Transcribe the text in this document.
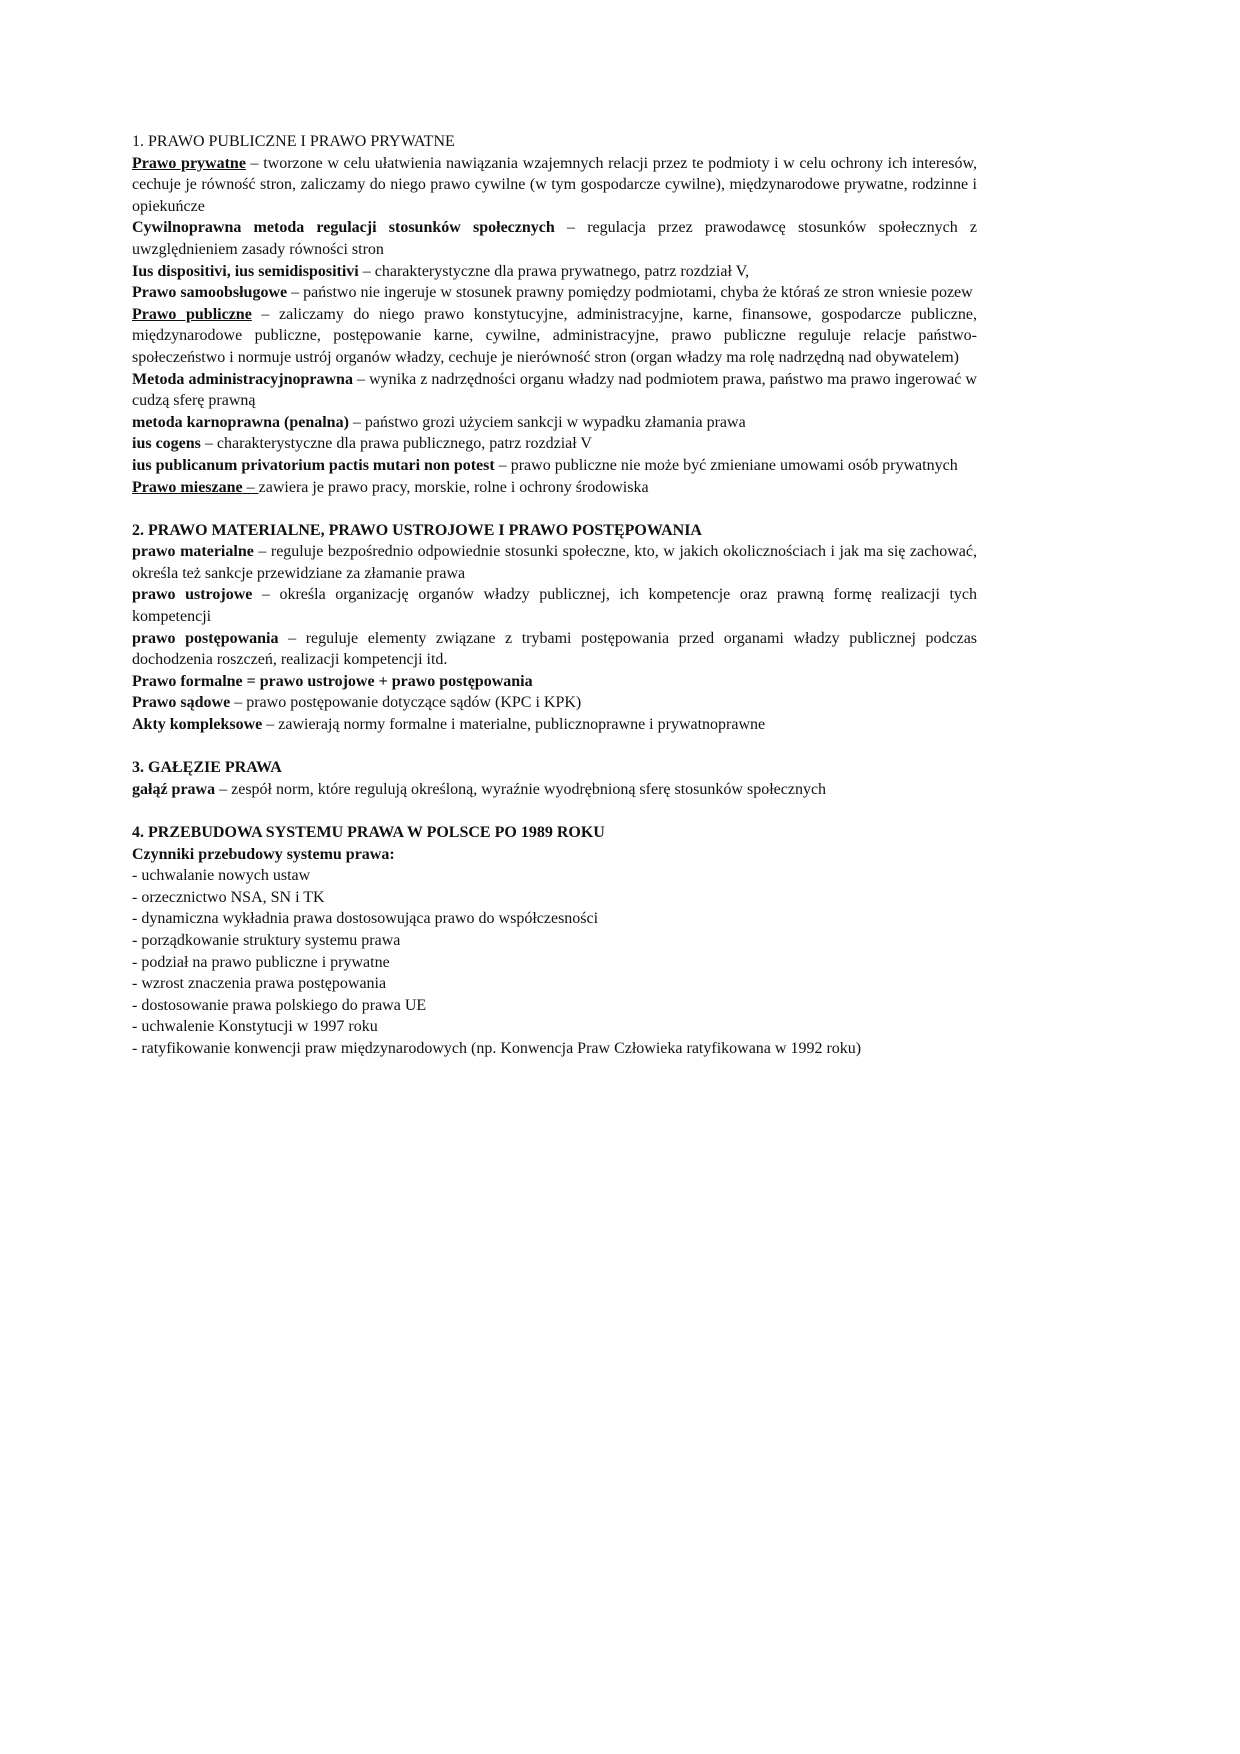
1. PRAWO PUBLICZNE I PRAWO PRYWATNE

Prawo prywatne – tworzone w celu ułatwienia nawiązania wzajemnych relacji przez te podmioty i w celu ochrony ich interesów, cechuje je równość stron, zaliczamy do niego prawo cywilne (w tym gospodarcze cywilne), międzynarodowe prywatne, rodzinne i opiekuńcze

Cywilnoprawna metoda regulacji stosunków społecznych – regulacja przez prawodawcę stosunków społecznych z uwzględnieniem zasady równości stron

Ius dispositivi, ius semidispositivi – charakterystyczne dla prawa prywatnego, patrz rozdział V,

Prawo samoobsługowe – państwo nie ingeruje w stosunek prawny pomiędzy podmiotami, chyba że któraś ze stron wniesie pozew

Prawo publiczne – zaliczamy do niego prawo konstytucyjne, administracyjne, karne, finansowe, gospodarcze publiczne, międzynarodowe publiczne, postępowanie karne, cywilne, administracyjne, prawo publiczne reguluje relacje państwo-społeczeństwo i normuje ustrój organów władzy, cechuje je nierówność stron (organ władzy ma rolę nadrzędną nad obywatelem)

Metoda administracyjnoprawna – wynika z nadrzędności organu władzy nad podmiotem prawa, państwo ma prawo ingerować w cudzą sferę prawną

metoda karnoprawna (penalna) – państwo grozi użyciem sankcji w wypadku złamania prawa

ius cogens – charakterystyczne dla prawa publicznego, patrz rozdział V

ius publicanum privatorium pactis mutari non potest – prawo publiczne nie może być zmieniane umowami osób prywatnych

Prawo mieszane – zawiera je prawo pracy, morskie, rolne i ochrony środowiska

2. PRAWO MATERIALNE, PRAWO USTROJOWE I PRAWO POSTĘPOWANIA

prawo materialne – reguluje bezpośrednio odpowiednie stosunki społeczne, kto, w jakich okolicznościach i jak ma się zachować, określa też sankcje przewidziane za złamanie prawa

prawo ustrojowe – określa organizację organów władzy publicznej, ich kompetencje oraz prawną formę realizacji tych kompetencji

prawo postępowania – reguluje elementy związane z trybami postępowania przed organami władzy publicznej podczas dochodzenia roszczeń, realizacji kompetencji itd.

Prawo formalne = prawo ustrojowe + prawo postępowania

Prawo sądowe – prawo postępowanie dotyczące sądów (KPC i KPK)

Akty kompleksowe – zawierają normy formalne i materialne, publicznoprawne i prywatnoprawne

3. GAŁĘZIE PRAWA

gałąź prawa – zespół norm, które regulują określoną, wyraźnie wyodrębnioną sferę stosunków społecznych

4. PRZEBUDOWA SYSTEMU PRAWA W POLSCE PO 1989 ROKU

Czynniki przebudowy systemu prawa:

- uchwalanie nowych ustaw
- orzecznictwo NSA, SN i TK
- dynamiczna wykładnia prawa dostosowująca prawo do współczesności
- porządkowanie struktury systemu prawa
- podział na prawo publiczne i prywatne
- wzrost znaczenia prawa postępowania
- dostosowanie prawa polskiego do prawa UE
- uchwalenie Konstytucji w 1997 roku
- ratyfikowanie konwencji praw międzynarodowych (np. Konwencja Praw Człowieka ratyfikowana w 1992 roku)
